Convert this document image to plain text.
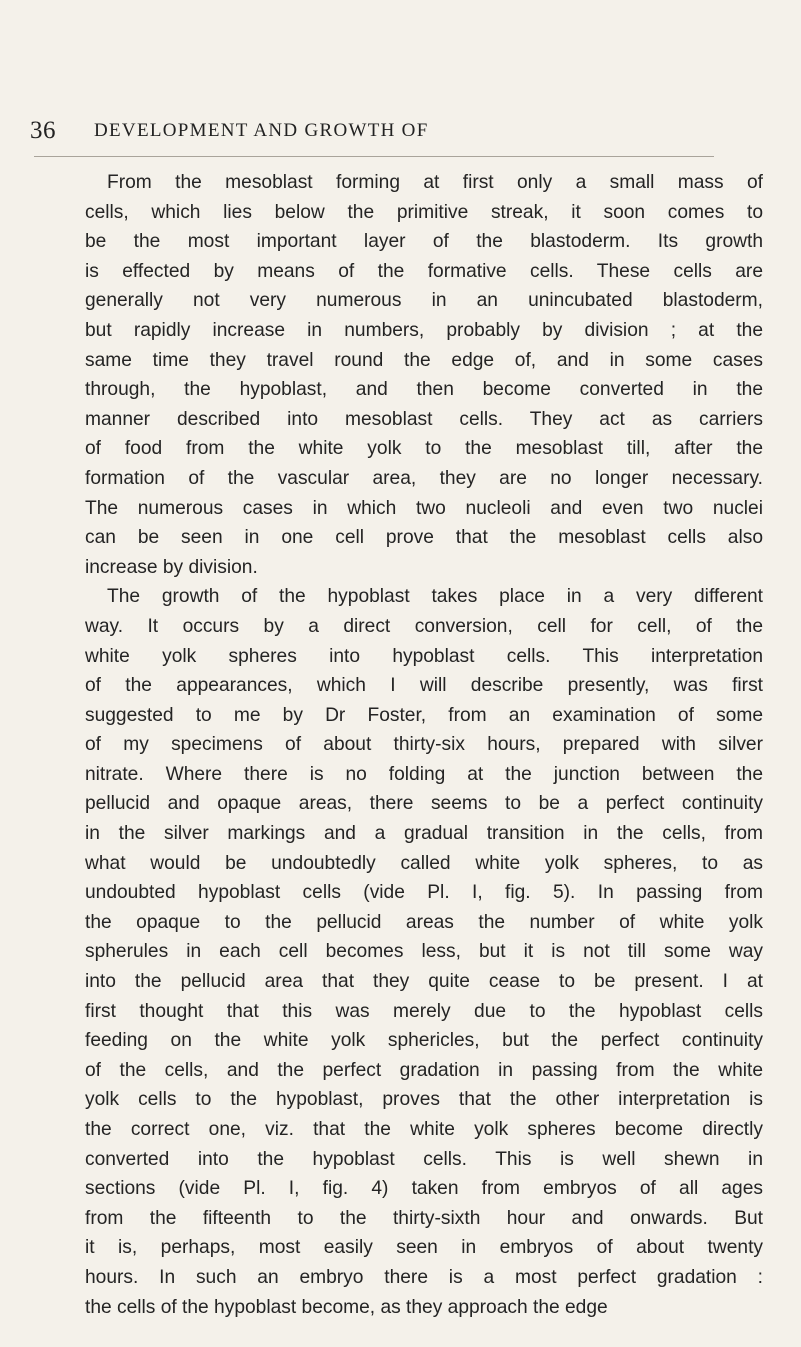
36 DEVELOPMENT AND GROWTH OF
From the mesoblast forming at first only a small mass of
cells, which lies below the primitive streak, it soon comes to
be the most important layer of the blastoderm. Its growth
is effected by means of the formative cells. These cells are
generally not very numerous in an unincubated blastoderm,
but rapidly increase in numbers, probably by division ; at the
same time they travel round the edge of, and in some cases
through, the hypoblast, and then become converted in the
manner described into mesoblast cells. They act as carriers
of food from the white yolk to the mesoblast till, after the
formation of the vascular area, they are no longer necessary.
The numerous cases in which two nucleoli and even two nuclei
can be seen in one cell prove that the mesoblast cells also
increase by division.
The growth of the hypoblast takes place in a very different
way. It occurs by a direct conversion, cell for cell, of the
white yolk spheres into hypoblast cells. This interpretation
of the appearances, which I will describe presently, was first
suggested to me by Dr Foster, from an examination of some
of my specimens of about thirty-six hours, prepared with silver
nitrate. Where there is no folding at the junction between the
pellucid and opaque areas, there seems to be a perfect continuity
in the silver markings and a gradual transition in the cells, from
what would be undoubtedly called white yolk spheres, to as
undoubted hypoblast cells (vide Pl. I, fig. 5). In passing from
the opaque to the pellucid areas the number of white yolk
spherules in each cell becomes less, but it is not till some way
into the pellucid area that they quite cease to be present. I at
first thought that this was merely due to the hypoblast cells
feeding on the white yolk sphericles, but the perfect continuity
of the cells, and the perfect gradation in passing from the white
yolk cells to the hypoblast, proves that the other interpretation is
the correct one, viz. that the white yolk spheres become directly
converted into the hypoblast cells. This is well shewn in
sections (vide Pl. I, fig. 4) taken from embryos of all ages
from the fifteenth to the thirty-sixth hour and onwards. But
it is, perhaps, most easily seen in embryos of about twenty
hours. In such an embryo there is a most perfect gradation :
the cells of the hypoblast become, as they approach the edge
